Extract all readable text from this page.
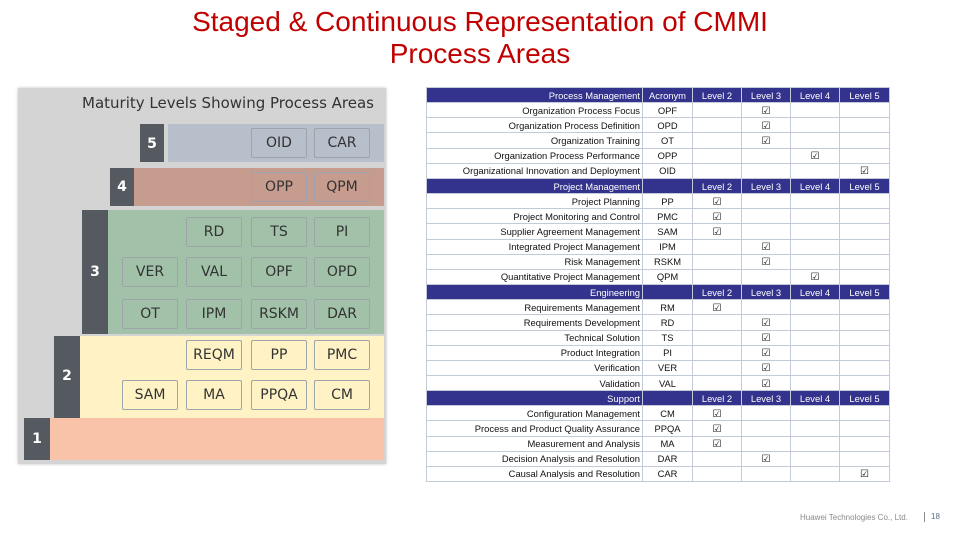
Staged & Continuous Representation of CMMI
Process Areas
Maturity Levels Showing Process Areas
5
4
3
2
1
OID	CAR
OPP	QPM
RD	TS	PI
VER	VAL	OPF	OPD
OT	IPM	RSKM	DAR
REQM	PP	PMC
SAM	MA	PPQA	CM
Process Management	Acronym	Level 2	Level 3	Level 4	Level 5
Organization Process Focus	OPF		☑		
Organization Process Definition	OPD		☑		
Organization Training	OT		☑		
Organization Process Performance	OPP			☑	
Organizational Innovation and Deployment	OID				☑
Project Management		Level 2	Level 3	Level 4	Level 5
Project Planning	PP	☑			
Project Monitoring and Control	PMC	☑			
Supplier Agreement Management	SAM	☑			
Integrated Project Management	IPM		☑		
Risk Management	RSKM		☑		
Quantitative Project Management	QPM			☑	
Engineering		Level 2	Level 3	Level 4	Level 5
Requirements Management	RM	☑			
Requirements Development	RD		☑		
Technical Solution	TS		☑		
Product Integration	PI		☑		
Verification	VER		☑		
Validation	VAL		☑		
Support		Level 2	Level 3	Level 4	Level 5
Configuration Management	CM	☑			
Process and Product Quality Assurance	PPQA	☑			
Measurement and Analysis	MA	☑			
Decision Analysis and Resolution	DAR		☑		
Causal Analysis and Resolution	CAR				☑
Huawei Technologies Co., Ltd.	18
